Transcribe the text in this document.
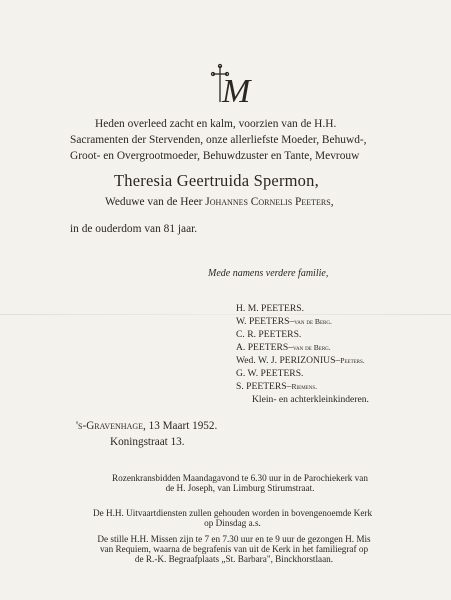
M
Heden overleed zacht en kalm, voorzien van de H.H.
Sacramenten der Stervenden, onze allerliefste Moeder, Behuwd-,
Groot- en Overgrootmoeder, Behuwdzuster en Tante, Mevrouw
Theresia Geertruida Spermon,
Weduwe van de Heer Johannes Cornelis Peeters,
in de ouderdom van 81 jaar.
Mede namens verdere familie,
H. M. PEETERS.
W. PEETERS–van de Berg.
C. R. PEETERS.
A. PEETERS–van de Berg.
Wed. W. J. PERIZONIUS–Peeters.
G. W. PEETERS.
S. PEETERS–Riemens.
Klein- en achterkleinkinderen.
's-Gravenhage, 13 Maart 1952.
Koningstraat 13.
Rozenkransbidden Maandagavond te 6.30 uur in de Parochiekerk van
de H. Joseph, van Limburg Stirumstraat.
De H.H. Uitvaartdiensten zullen gehouden worden in bovengenoemde Kerk
op Dinsdag a.s.
De stille H.H. Missen zijn te 7 en 7.30 uur en te 9 uur de gezongen H. Mis
van Requiem, waarna de begrafenis van uit de Kerk in het familiegraf op
de R.-K. Begraafplaats „St. Barbara", Binckhorstlaan.
